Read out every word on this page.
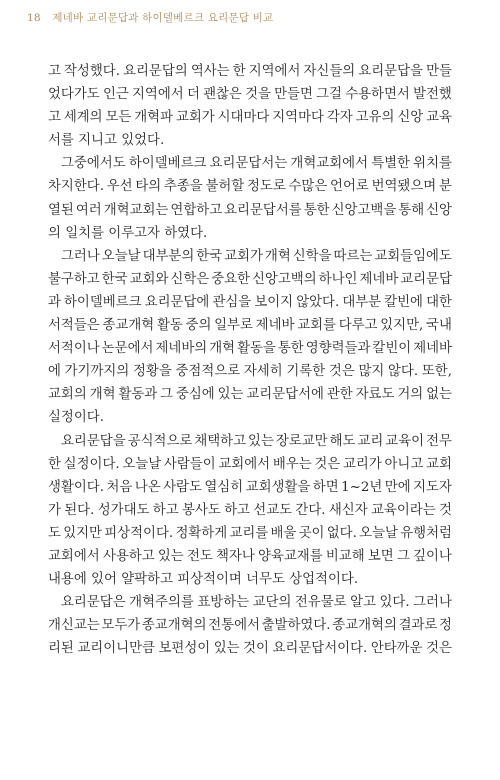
18 제네바 교리문답과 하이델베르크 요리문답 비교
고 작성했다. 요리문답의 역사는 한 지역에서 자신들의 요리문답을 만들
었다가도 인근 지역에서 더 괜찮은 것을 만들면 그걸 수용하면서 발전했
고 세계의 모든 개혁파 교회가 시대마다 지역마다 각자 고유의 신앙 교육
서를 지니고 있었다.
그중에서도 하이델베르크 요리문답서는 개혁교회에서 특별한 위치를
차지한다. 우선 타의 추종을 불허할 정도로 수많은 언어로 번역됐으며 분
열된 여러 개혁교회는 연합하고 요리문답서를 통한 신앙고백을 통해 신앙
의 일치를 이루고자 하였다.
그러나 오늘날 대부분의 한국 교회가 개혁 신학을 따르는 교회들임에도
불구하고 한국 교회와 신학은 중요한 신앙고백의 하나인 제네바 교리문답
과 하이델베르크 요리문답에 관심을 보이지 않았다. 대부분 칼빈에 대한
서적들은 종교개혁 활동 중의 일부로 제네바 교회를 다루고 있지만, 국내
서적이나 논문에서 제네바의 개혁 활동을 통한 영향력들과 칼빈이 제네바
에 가기까지의 정황을 중점적으로 자세히 기록한 것은 많지 않다. 또한,
교회의 개혁 활동과 그 중심에 있는 교리문답서에 관한 자료도 거의 없는
실정이다.
요리문답을 공식적으로 채택하고 있는 장로교만 해도 교리 교육이 전무
한 실정이다. 오늘날 사람들이 교회에서 배우는 것은 교리가 아니고 교회
생활이다. 처음 나온 사람도 열심히 교회생활을 하면 1~2년 만에 지도자
가 된다. 성가대도 하고 봉사도 하고 선교도 간다. 새신자 교육이라는 것
도 있지만 피상적이다. 정확하게 교리를 배울 곳이 없다. 오늘날 유행처럼
교회에서 사용하고 있는 전도 책자나 양육교재를 비교해 보면 그 깊이나
내용에 있어 얄팍하고 피상적이며 너무도 상업적이다.
요리문답은 개혁주의를 표방하는 교단의 전유물로 알고 있다. 그러나
개신교는 모두가 종교개혁의 전통에서 출발하였다. 종교개혁의 결과로 정
리된 교리이니만큼 보편성이 있는 것이 요리문답서이다. 안타까운 것은
